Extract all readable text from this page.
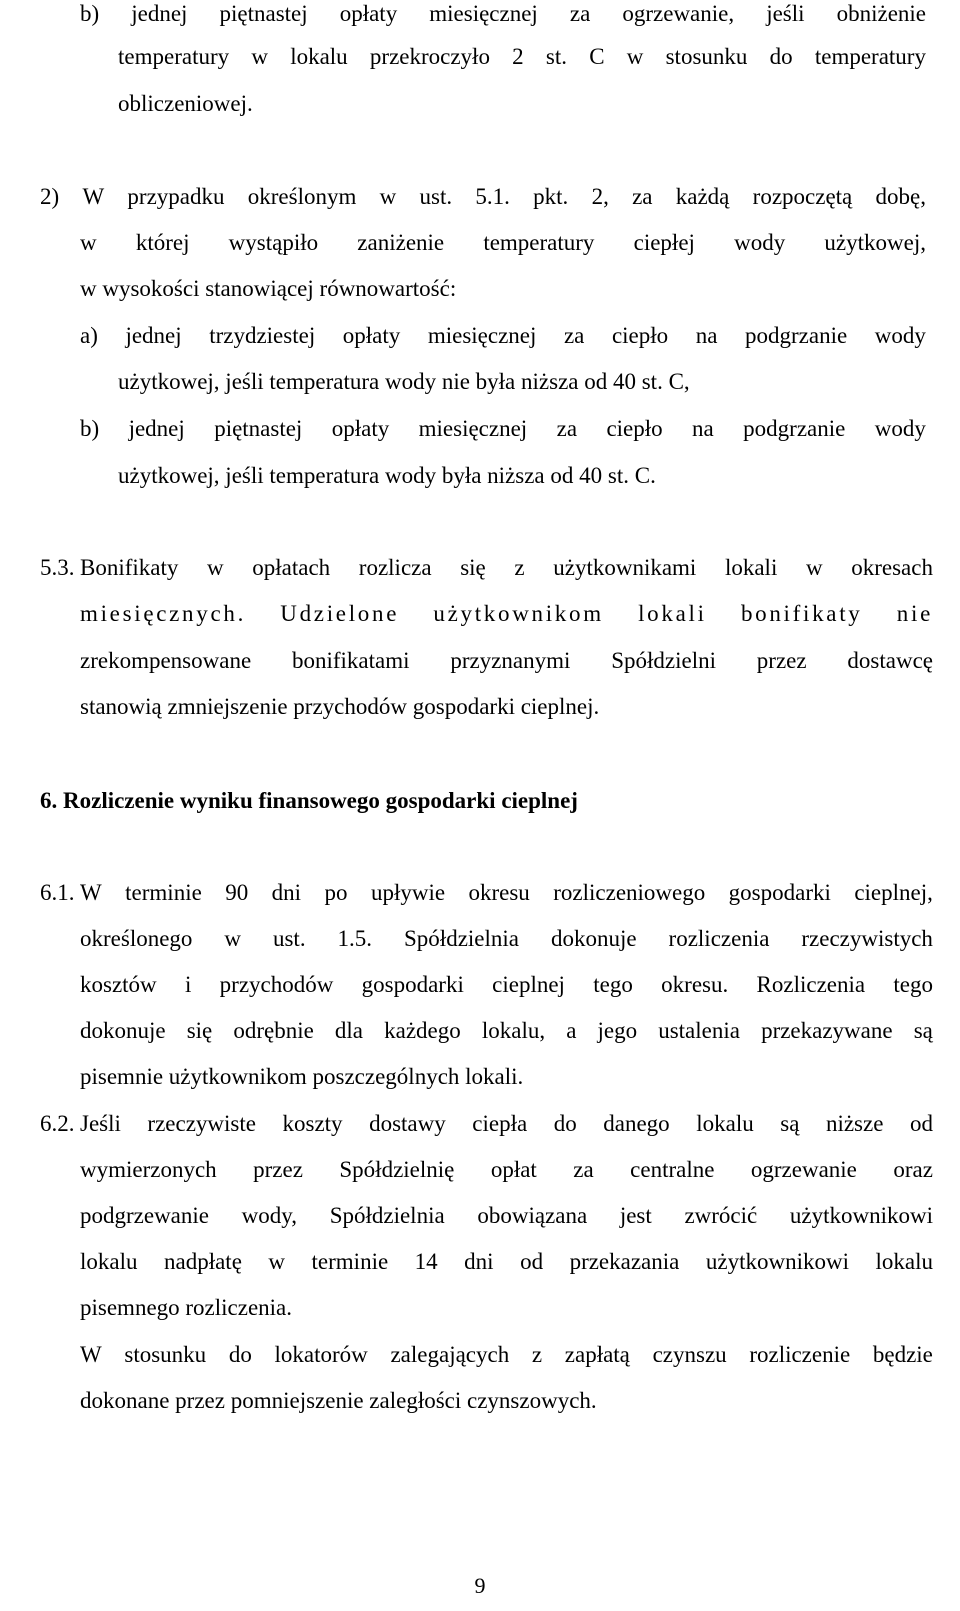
b) jednej piętnastej opłaty miesięcznej za ogrzewanie, jeśli obniżenie
temperatury w lokalu przekroczyło 2 st. C w stosunku do temperatury
obliczeniowej.
2) W przypadku określonym w ust. 5.1. pkt. 2, za każdą rozpoczętą dobę,
w której wystąpiło zaniżenie temperatury ciepłej wody użytkowej,
w wysokości stanowiącej równowartość:
a) jednej trzydziestej opłaty miesięcznej za ciepło na podgrzanie wody
użytkowej, jeśli temperatura wody nie była niższa od 40 st. C,
b) jednej piętnastej opłaty miesięcznej za ciepło na podgrzanie wody
użytkowej, jeśli temperatura wody była niższa od 40 st. C.
5.3. Bonifikaty w opłatach rozlicza się z użytkownikami lokali w okresach
miesięcznych. Udzielone użytkownikom lokali bonifikaty nie
zrekompensowane bonifikatami przyznanymi Spółdzielni przez dostawcę
stanowią zmniejszenie przychodów gospodarki cieplnej.
6. Rozliczenie wyniku finansowego gospodarki cieplnej
6.1. W terminie 90 dni po upływie okresu rozliczeniowego gospodarki cieplnej,
określonego w ust. 1.5. Spółdzielnia dokonuje rozliczenia rzeczywistych
kosztów i przychodów gospodarki cieplnej tego okresu. Rozliczenia tego
dokonuje się odrębnie dla każdego lokalu, a jego ustalenia przekazywane są
pisemnie użytkownikom poszczególnych lokali.
6.2. Jeśli rzeczywiste koszty dostawy ciepła do danego lokalu są niższe od
wymierzonych przez Spółdzielnię opłat za centralne ogrzewanie oraz
podgrzewanie wody, Spółdzielnia obowiązana jest zwrócić użytkownikowi
lokalu nadpłatę w terminie 14 dni od przekazania użytkownikowi lokalu
pisemnego rozliczenia.
W stosunku do lokatorów zalegających z zapłatą czynszu rozliczenie będzie
dokonane przez pomniejszenie zaległości czynszowych.
9
